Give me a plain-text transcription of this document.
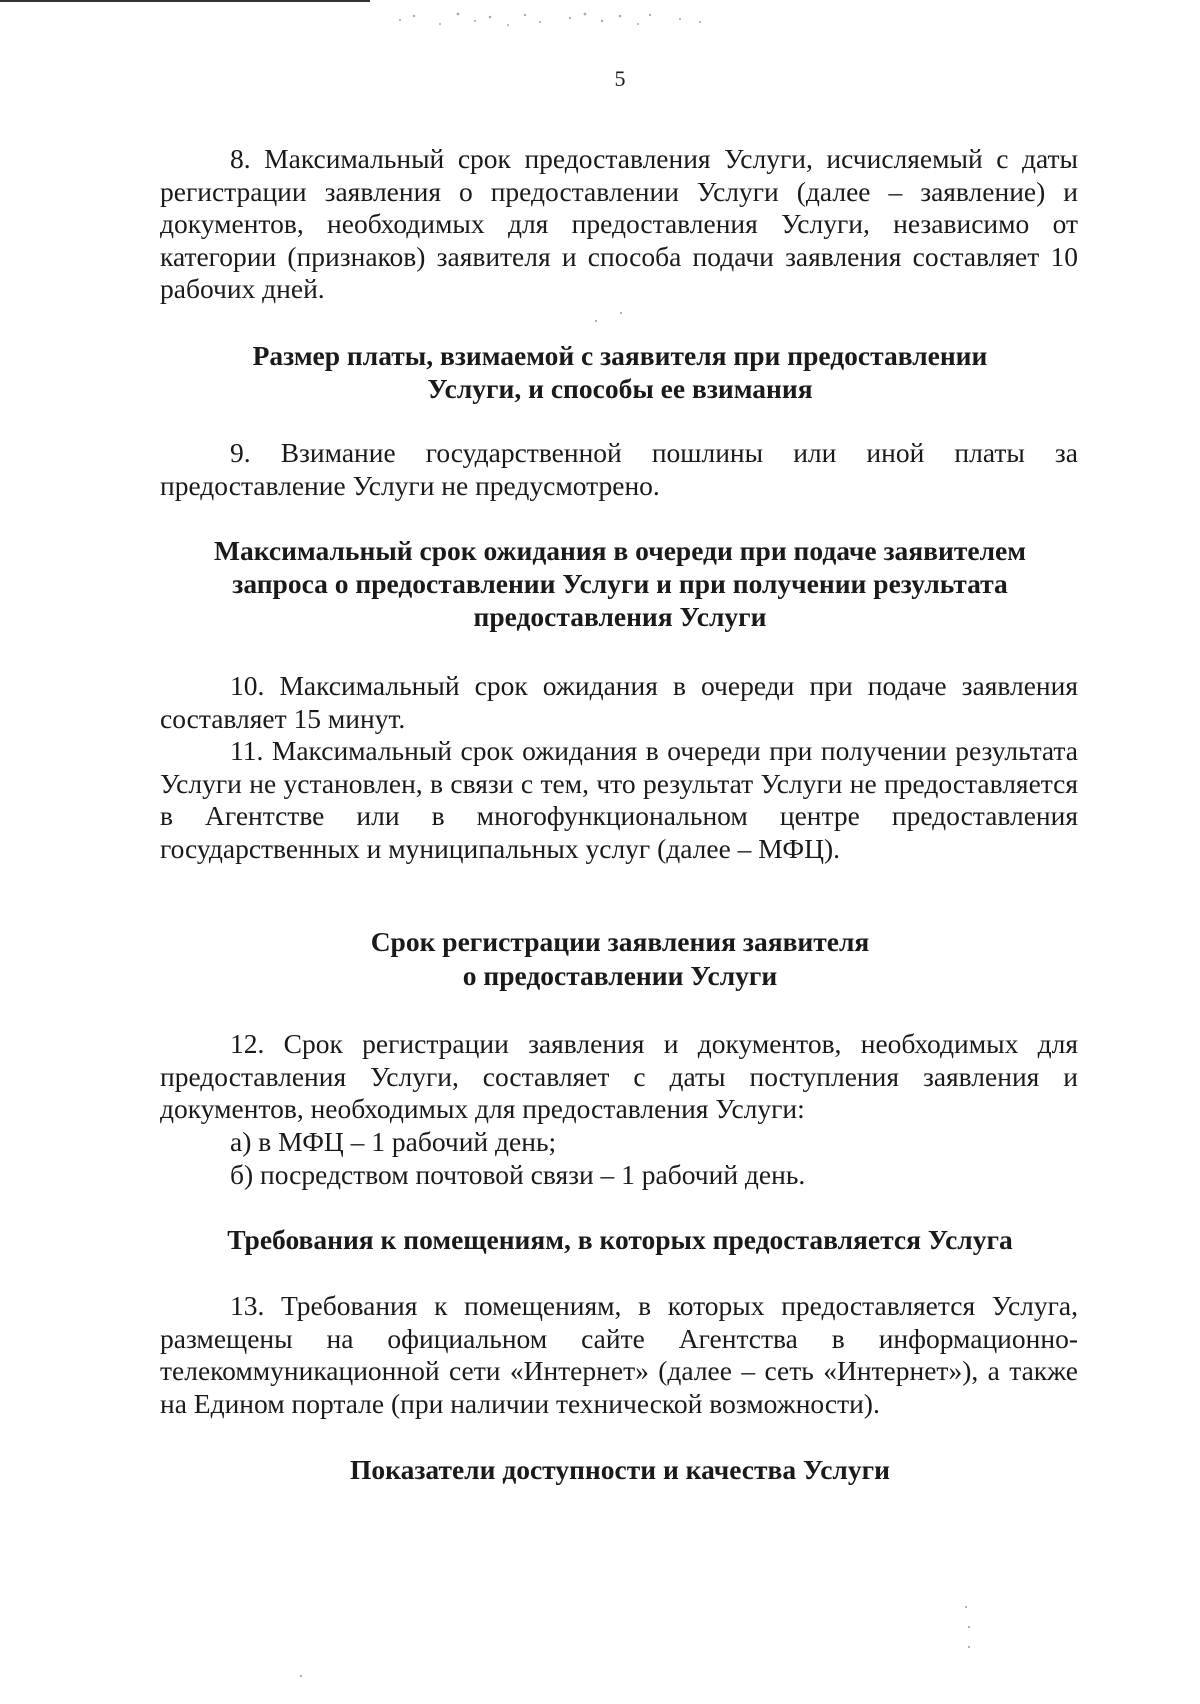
5

8. Максимальный срок предоставления Услуги, исчисляемый с даты регистрации заявления о предоставлении Услуги (далее – заявление) и документов, необходимых для предоставления Услуги, независимо от категории (признаков) заявителя и способа подачи заявления составляет 10 рабочих дней.

Размер платы, взимаемой с заявителя при предоставлении

Услуги, и способы ее взимания

9. Взимание государственной пошлины или иной платы за предоставление Услуги не предусмотрено.

Максимальный срок ожидания в очереди при подаче заявителем

запроса о предоставлении Услуги и при получении результата

предоставления Услуги

10. Максимальный срок ожидания в очереди при подаче заявления составляет 15 минут.

11. Максимальный срок ожидания в очереди при получении результата Услуги не установлен, в связи с тем, что результат Услуги не предоставляется в Агентстве или в многофункциональном центре предоставления государственных и муниципальных услуг (далее – МФЦ).

Срок регистрации заявления заявителя

о предоставлении Услуги

12. Срок регистрации заявления и документов, необходимых для предоставления Услуги, составляет с даты поступления заявления и документов, необходимых для предоставления Услуги:

а) в МФЦ – 1 рабочий день;

б) посредством почтовой связи – 1 рабочий день.

Требования к помещениям, в которых предоставляется Услуга

13. Требования к помещениям, в которых предоставляется Услуга, размещены на официальном сайте Агентства в информационно-телекоммуникационной сети «Интернет» (далее – сеть «Интернет»), а также на Едином портале (при наличии технической возможности).

Показатели доступности и качества Услуги
